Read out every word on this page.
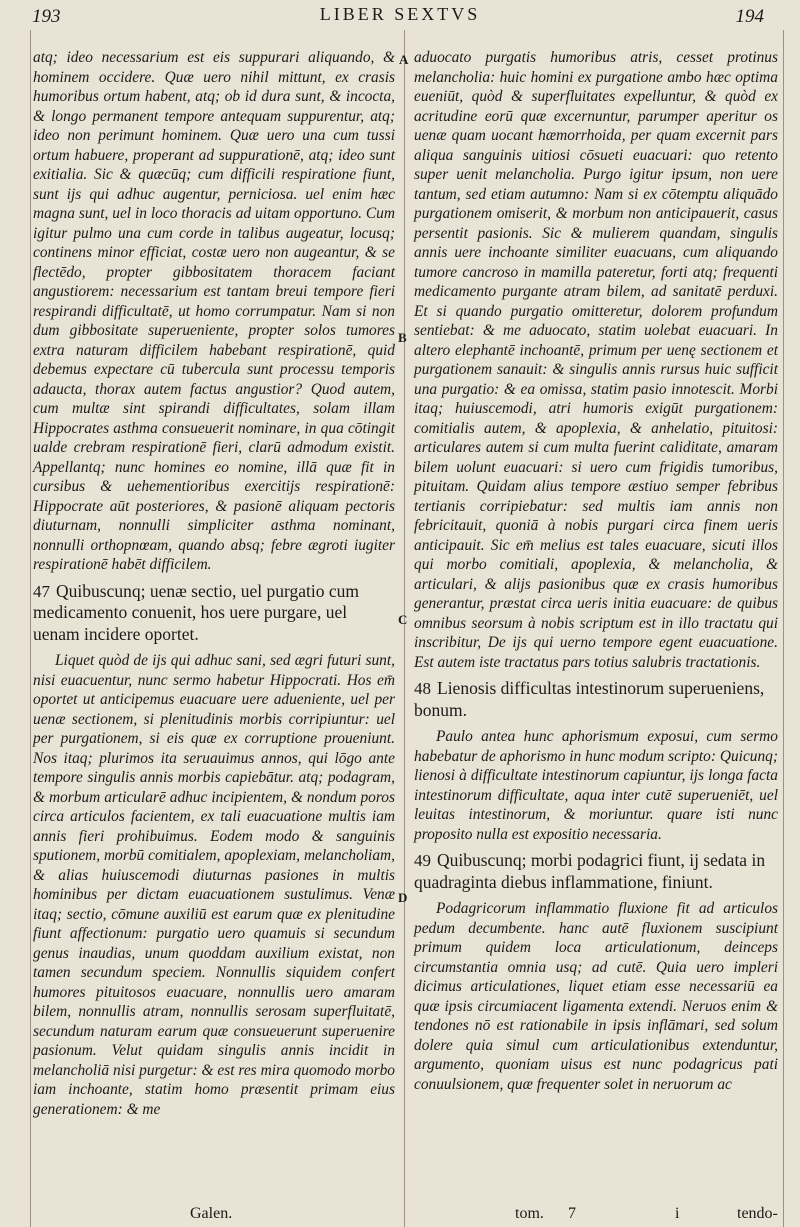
193	LIBER SEXTVS	194
A
B
C
D

atq; ideo necessarium est eis suppurari aliquando, & hominem occidere. Quæ uero nihil mittunt, ex crasis humoribus ortum habent, atq; ob id dura sunt, & incocta, & longo permanent tempore antequam suppurentur, atq; ideo non perimunt hominem. Quæ uero una cum tussi ortum habuere, properant ad suppurationē, atq; ideo sunt exitialia. Sic & quæcūq; cum difficili respiratione fiunt, sunt ijs qui adhuc augentur, perniciosa. uel enim hæc magna sunt, uel in loco thoracis ad uitam opportuno. Cum igitur pulmo una cum corde in talibus augeatur, locusq; continens minor efficiat, costæ uero non augeantur, & se flectēdo, propter gibbositatem thoracem faciant angustiorem: necessarium est tantam breui tempore fieri respirandi difficultatē, ut homo corrumpatur. Nam si non dum gibbositate superueniente, propter solos tumores extra naturam difficilem habebant respirationē, quid debemus expectare cū tubercula sunt processu temporis adaucta, thorax autem factus angustior? Quod autem, cum multæ sint spirandi difficultates, solam illam Hippocrates asthma consueuerit nominare, in qua cōtingit ualde crebram respirationē fieri, clarū admodum existit. Appellantq; nunc homines eo nomine, illā quæ fit in cursibus & uehementioribus exercitijs respirationē: Hippocrate aūt posteriores, & pasionē aliquam pectoris diuturnam, nonnulli simpliciter asthma nominant, nonnulli orthopnœam, quando absq; febre ægroti iugiter respirationē habēt difficilem.

47 Quibuscunq; uenæ sectio, uel purgatio cum medicamento conuenit, hos uere purgare, uel uenam incidere oportet.

Liquet quòd de ijs qui adhuc sani, sed ægri futuri sunt, nisi euacuentur, nunc sermo habetur Hippocrati. Hos em̄ oportet ut anticipemus euacuare uere adueniente, uel per uenæ sectionem, si plenitudinis morbis corripiuntur: uel per purgationem, si eis quæ ex corruptione proueniunt. Nos itaq; plurimos ita seruauimus annos, qui lōgo ante tempore singulis annis morbis capiebātur. atq; podagram, & morbum articularē adhuc incipientem, & nondum poros circa articulos facientem, ex tali euacuatione multis iam annis fieri prohibuimus. Eodem modo & sanguinis sputionem, morbū comitialem, apoplexiam, melancholiam, & alias huiuscemodi diuturnas pasiones in multis hominibus per dictam euacuationem sustulimus. Venæ itaq; sectio, cōmune auxiliū est earum quæ ex plenitudine fiunt affectionum: purgatio uero quamuis si secundum genus inaudias, unum quoddam auxilium existat, non tamen secundum speciem. Nonnullis siquidem confert humores pituitosos euacuare, nonnullis uero amaram bilem, nonnullis atram, nonnullis serosam superfluitatē, secundum naturam earum quæ consueuerunt superuenire pasionum. Velut quidam singulis annis incidit in melancholiā nisi purgetur: & est res mira quomodo morbo iam inchoante, statim homo præsentit primam eius generationem: & me

aduocato purgatis humoribus atris, cesset protinus melancholia: huic homini ex purgatione ambo hæc optima eueniūt, quòd & superfluitates expelluntur, & quòd ex acritudine eorū quæ excernuntur, parumper aperitur os uenæ quam uocant hæmorrhoida, per quam excernit pars aliqua sanguinis uitiosi cōsueti euacuari: quo retento super uenit melancholia. Purgo igitur ipsum, non uere tantum, sed etiam autumno: Nam si ex cōtemptu aliquādo purgationem omiserit, & morbum non anticipauerit, casus persentit pasionis. Sic & mulierem quandam, singulis annis uere inchoante similiter euacuans, cum aliquando tumore cancroso in mamilla pateretur, forti atq; frequenti medicamento purgante atram bilem, ad sanitatē perduxi. Et si quando purgatio omitteretur, dolorem profundum sentiebat: & me aduocato, statim uolebat euacuari. In altero elephantē inchoantē, primum per uenę sectionem et purgationem sanauit: & singulis annis rursus huic sufficit una purgatio: & ea omissa, statim pasio innotescit. Morbi itaq; huiuscemodi, atri humoris exigūt purgationem: comitialis autem, & apoplexia, & anhelatio, pituitosi: articulares autem si cum multa fuerint caliditate, amaram bilem uolunt euacuari: si uero cum frigidis tumoribus, pituitam. Quidam alius tempore æstiuo semper febribus tertianis corripiebatur: sed multis iam annis non febricitauit, quoniā à nobis purgari circa finem ueris anticipauit. Sic em̄ melius est tales euacuare, sicuti illos qui morbo comitiali, apoplexia, & melancholia, & articulari, & alijs pasionibus quæ ex crasis humoribus generantur, præstat circa ueris initia euacuare: de quibus omnibus seorsum à nobis scriptum est in illo tractatu qui inscribitur, De ijs qui uerno tempore egent euacuatione. Est autem iste tractatus pars totius salubris tractationis.

48 Lienosis difficultas intestinorum superueniens, bonum.

Paulo antea hunc aphorismum exposui, cum sermo habebatur de aphorismo in hunc modum scripto: Quicunq; lienosi à difficultate intestinorum capiuntur, ijs longa facta intestinorum difficultate, aqua inter cutē superueniēt, uel leuitas intestinorum, & moriuntur. quare isti nunc proposito nulla est expositio necessaria.

49 Quibuscunq; morbi podagrici fiunt, ij sedata in quadraginta diebus inflammatione, finiunt.

Podagricorum inflammatio fluxione fit ad articulos pedum decumbente. hanc autē fluxionem suscipiunt primum quidem loca articulationum, deinceps circumstantia omnia usq; ad cutē. Quia uero impleri dicimus articulationes, liquet etiam esse necessariū ea quæ ipsis circumiacent ligamenta extendi. Neruos enim & tendones nō est rationabile in ipsis inflāmari, sed solum dolere quia simul cum articulationibus extenduntur, argumento, quoniam uisus est nunc podagricus pati conuulsionem, quæ frequenter solet in neruorum ac

Galen.	tom. 7	i	tendo-
